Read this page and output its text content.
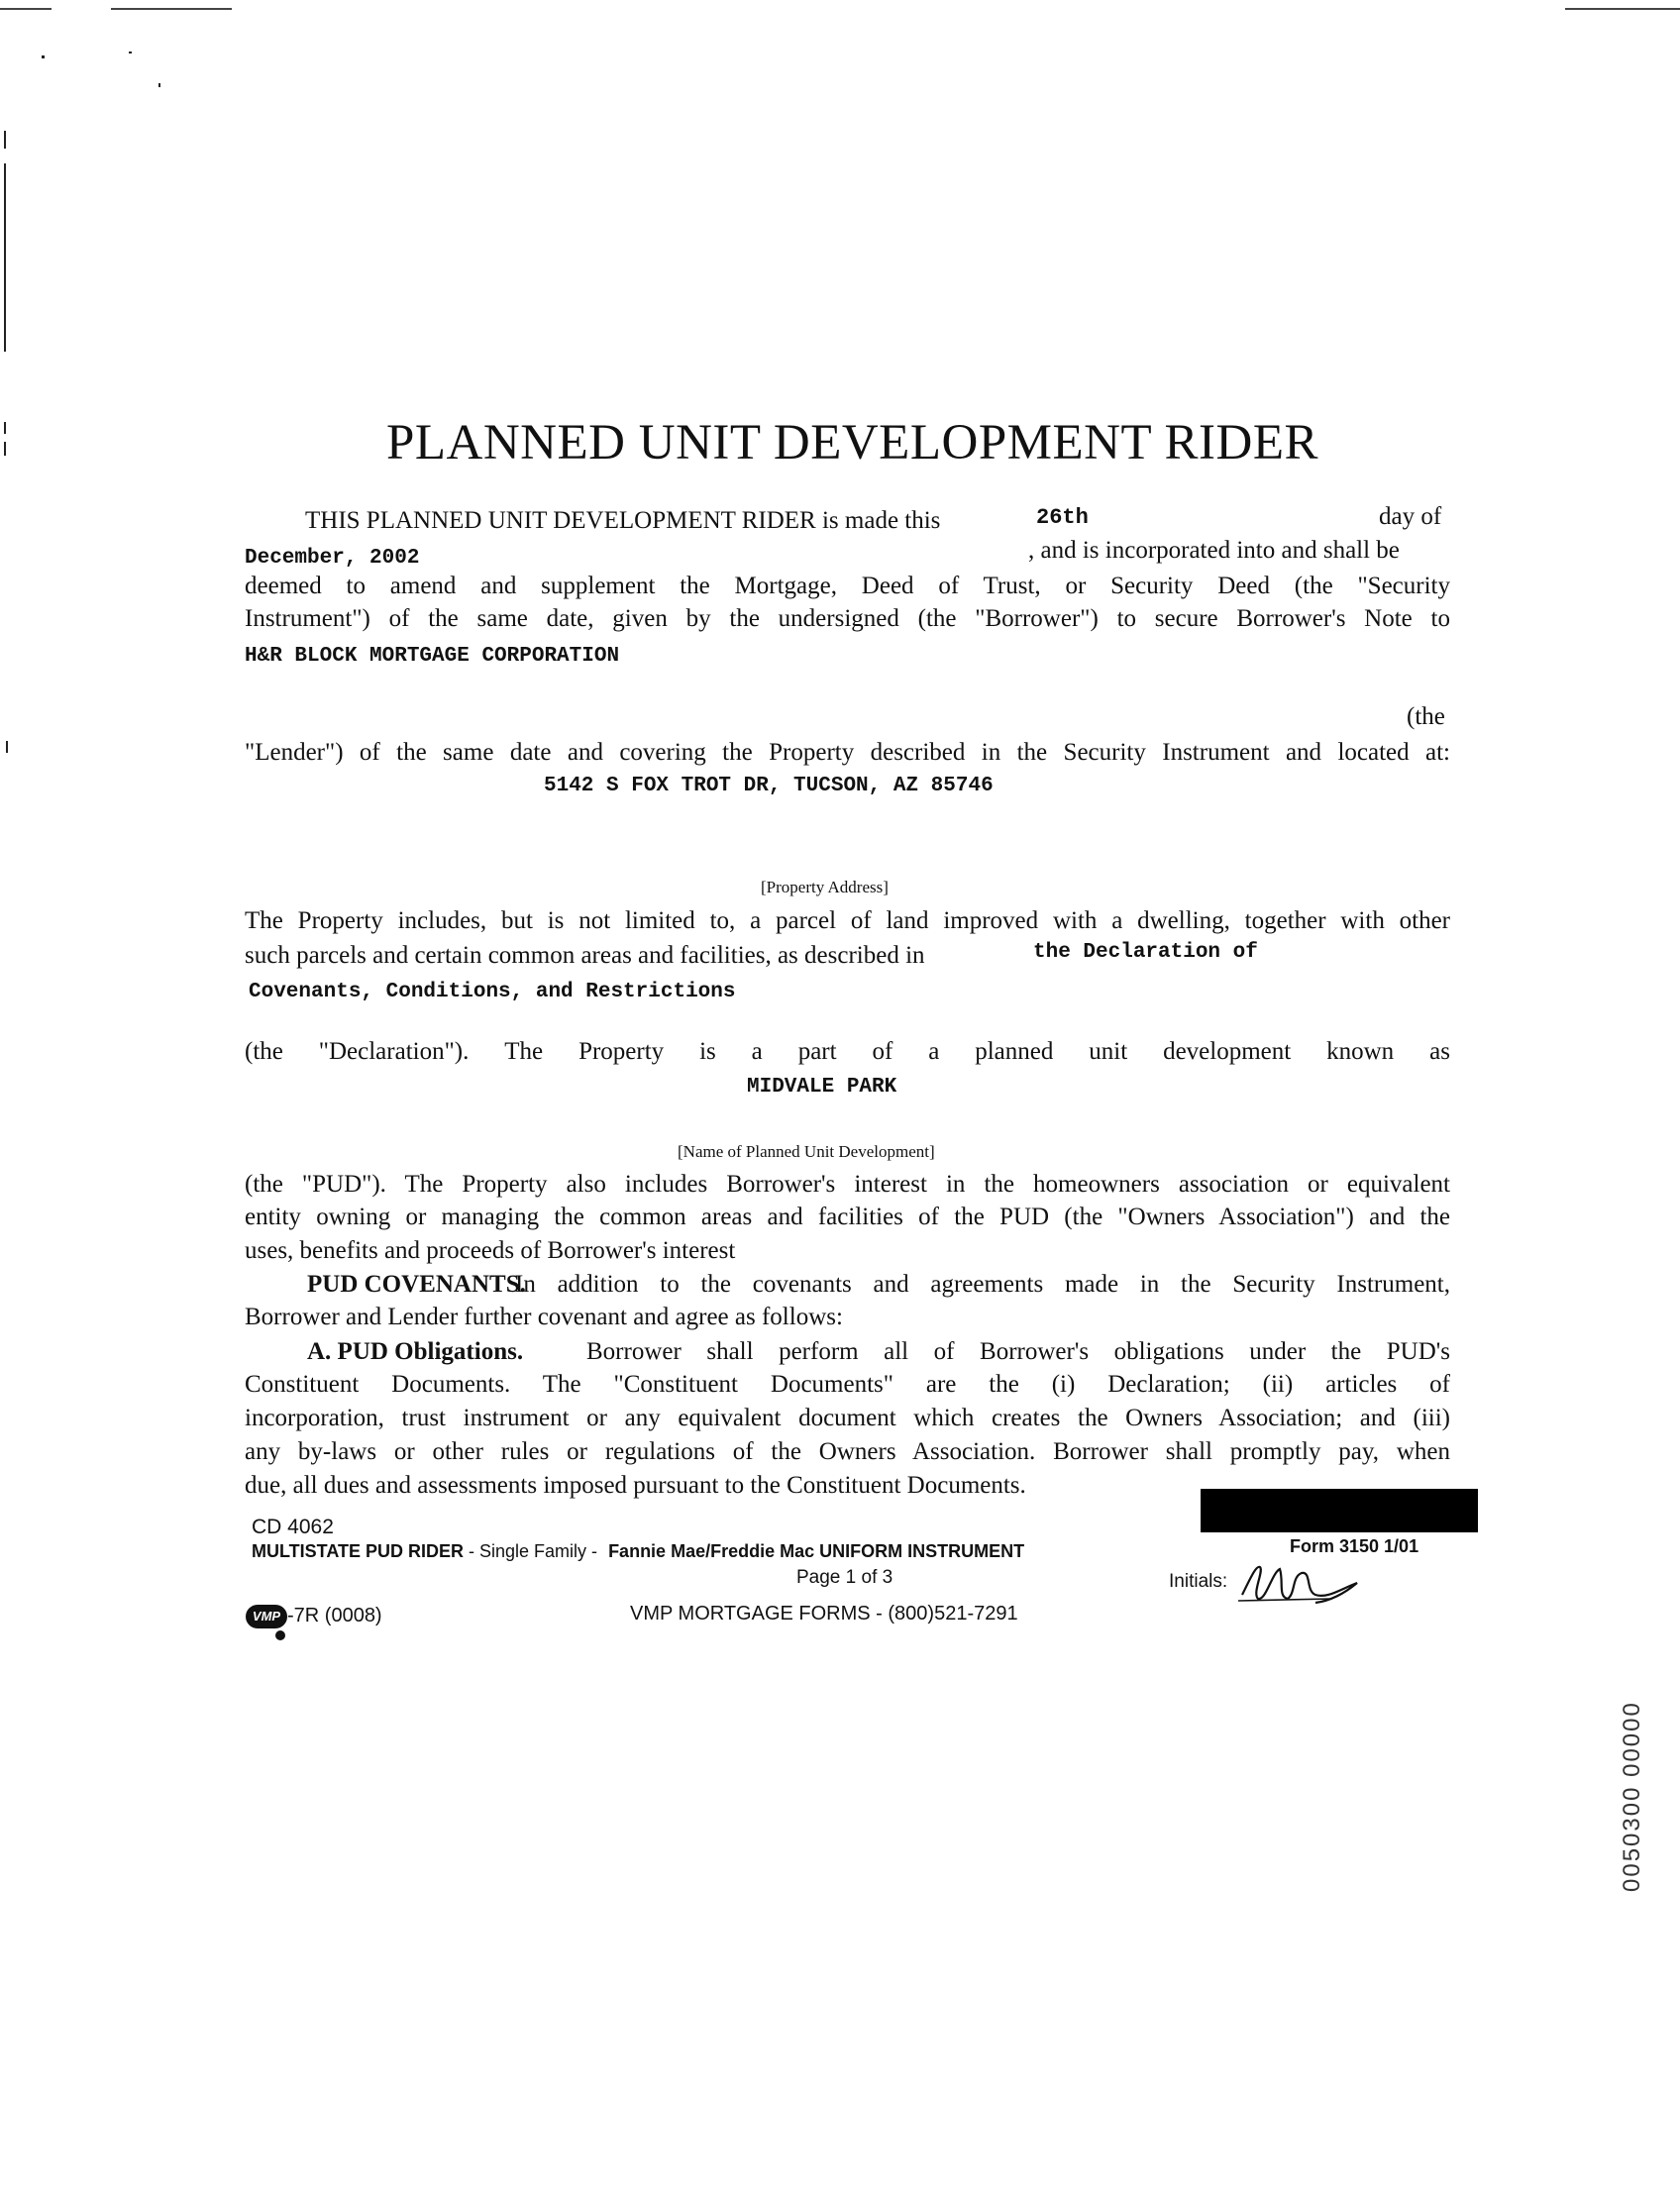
PLANNED UNIT DEVELOPMENT RIDER
THIS PLANNED UNIT DEVELOPMENT RIDER is made this	26th	day of
December, 2002	, and is incorporated into and shall be
deemed to amend and supplement the Mortgage, Deed of Trust, or Security Deed (the "Security
Instrument") of the same date, given by the undersigned (the "Borrower") to secure Borrower's Note to
H&R BLOCK MORTGAGE CORPORATION
(the
"Lender") of the same date and covering the Property described in the Security Instrument and located at:
5142 S FOX TROT DR, TUCSON, AZ 85746
[Property Address]
The Property includes, but is not limited to, a parcel of land improved with a dwelling, together with other
such parcels and certain common areas and facilities, as described in	the Declaration of
Covenants, Conditions, and Restrictions
(the "Declaration"). The Property is a part of a planned unit development known as
MIDVALE PARK
[Name of Planned Unit Development]
(the "PUD"). The Property also includes Borrower's interest in the homeowners association or equivalent
entity owning or managing the common areas and facilities of the PUD (the "Owners Association") and the
uses, benefits and proceeds of Borrower's interest
PUD COVENANTS.
In addition to the covenants and agreements made in the Security Instrument,
Borrower and Lender further covenant and agree as follows:
A. PUD Obligations.	Borrower shall perform all of Borrower's obligations under the PUD's
Constituent Documents. The "Constituent Documents" are the (i) Declaration; (ii) articles of
incorporation, trust instrument or any equivalent document which creates the Owners Association; and (iii)
any by-laws or other rules or regulations of the Owners Association. Borrower shall promptly pay, when
due, all dues and assessments imposed pursuant to the Constituent Documents.
CD 4062
MULTISTATE PUD RIDER - Single Family - Fannie Mae/Freddie Mac UNIFORM INSTRUMENT	Form 3150 1/01
Page 1 of 3	Initials:
VMP -7R (0008)	VMP MORTGAGE FORMS - (800)521-7291
0050300 00000
